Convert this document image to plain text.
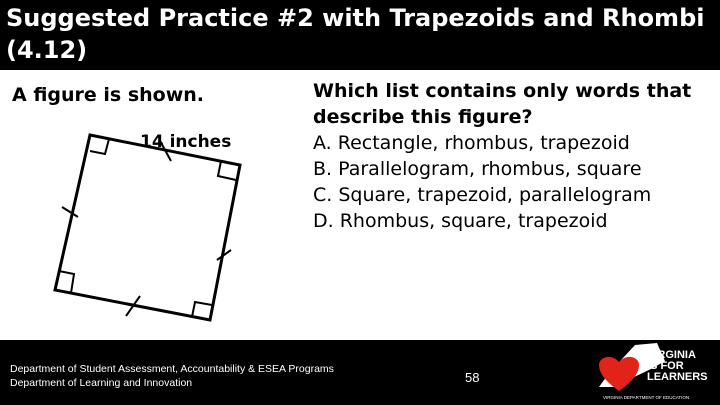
Suggested Practice #2 with Trapezoids and Rhombi (4.12)
A figure is shown.
14 inches
Which list contains only words that describe this figure?
A. Rectangle, rhombus, trapezoid
B. Parallelogram, rhombus, square
C. Square, trapezoid, parallelogram
D. Rhombus, square, trapezoid
Department of Student Assessment, Accountability & ESEA Programs
Department of Learning and Innovation	58
VIRGINIA
IS FOR
LEARNERS
VIRGINIA DEPARTMENT OF EDUCATION
